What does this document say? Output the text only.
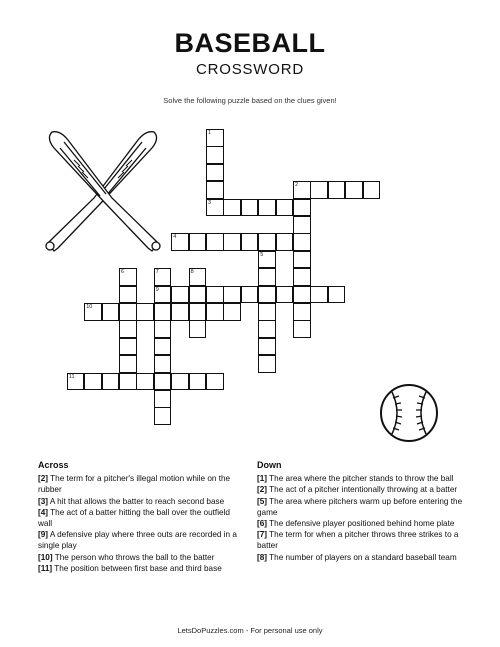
BASEBALL
CROSSWORD
Solve the following puzzle based on the clues given!
1
2
3
4
5
6	7	8
9
10
11
Across
[2] The term for a pitcher's illegal motion while on the rubber
[3] A hit that allows the batter to reach second base
[4] The act of a batter hitting the ball over the outfield wall
[9] A defensive play where three outs are recorded in a single play
[10] The person who throws the ball to the batter
[11] The position between first base and third base
Down
[1] The area where the pitcher stands to throw the ball
[2] The act of a pitcher intentionally throwing at a batter
[5] The area where pitchers warm up before entering the game
[6] The defensive player positioned behind home plate
[7] The term for when a pitcher throws three strikes to a batter
[8] The number of players on a standard baseball team
LetsDoPuzzles.com - For personal use only
